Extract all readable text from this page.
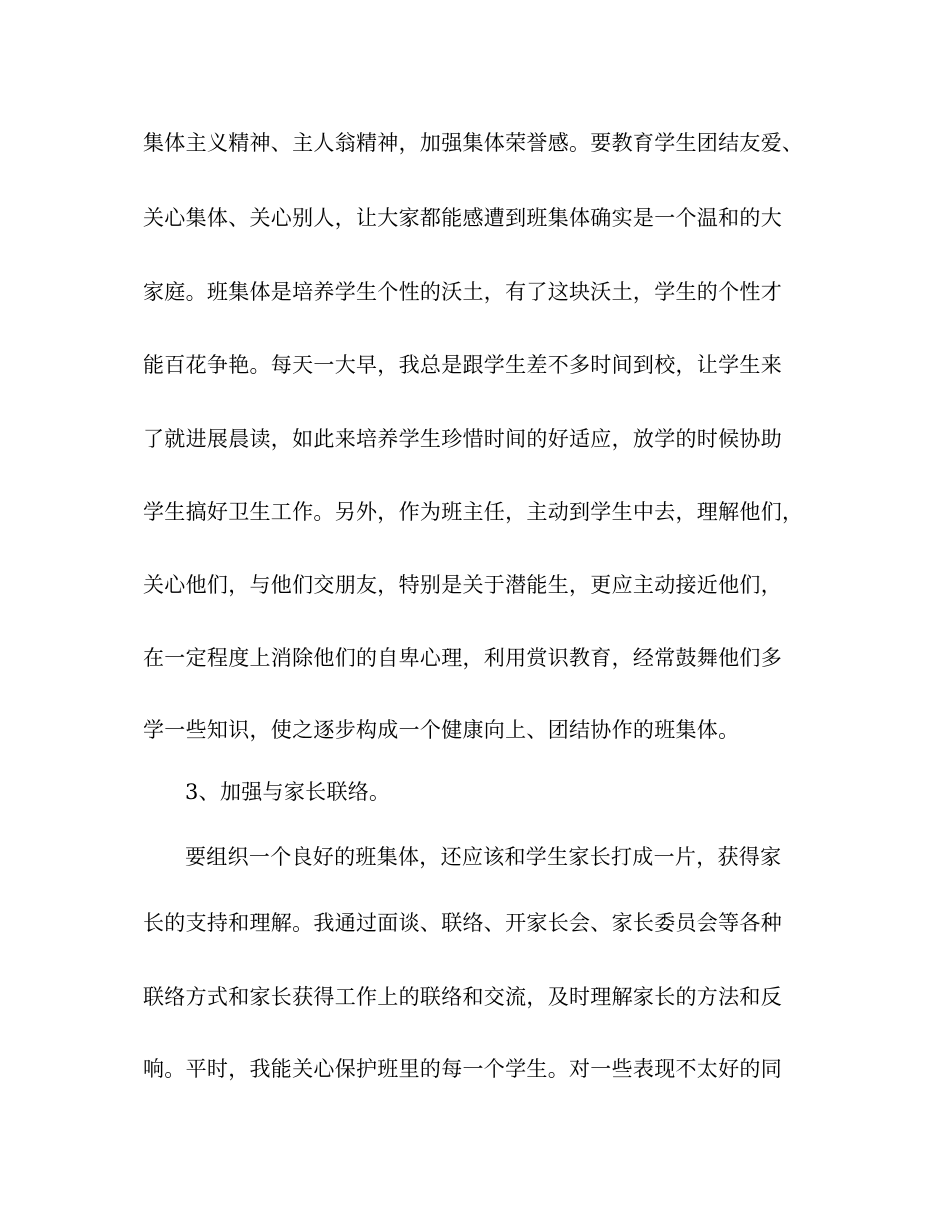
集体主义精神、主人翁精神，加强集体荣誉感。要教育学生团结友爱、
关心集体、关心别人，让大家都能感遭到班集体确实是一个温和的大
家庭。班集体是培养学生个性的沃土，有了这块沃土，学生的个性才
能百花争艳。每天一大早，我总是跟学生差不多时间到校，让学生来
了就进展晨读，如此来培养学生珍惜时间的好适应，放学的时候协助
学生搞好卫生工作。另外，作为班主任，主动到学生中去，理解他们，
关心他们，与他们交朋友，特别是关于潜能生，更应主动接近他们，
在一定程度上消除他们的自卑心理，利用赏识教育，经常鼓舞他们多
学一些知识，使之逐步构成一个健康向上、团结协作的班集体。
3、加强与家长联络。
要组织一个良好的班集体，还应该和学生家长打成一片，获得家
长的支持和理解。我通过面谈、联络、开家长会、家长委员会等各种
联络方式和家长获得工作上的联络和交流，及时理解家长的方法和反
响。平时，我能关心保护班里的每一个学生。对一些表现不太好的同
